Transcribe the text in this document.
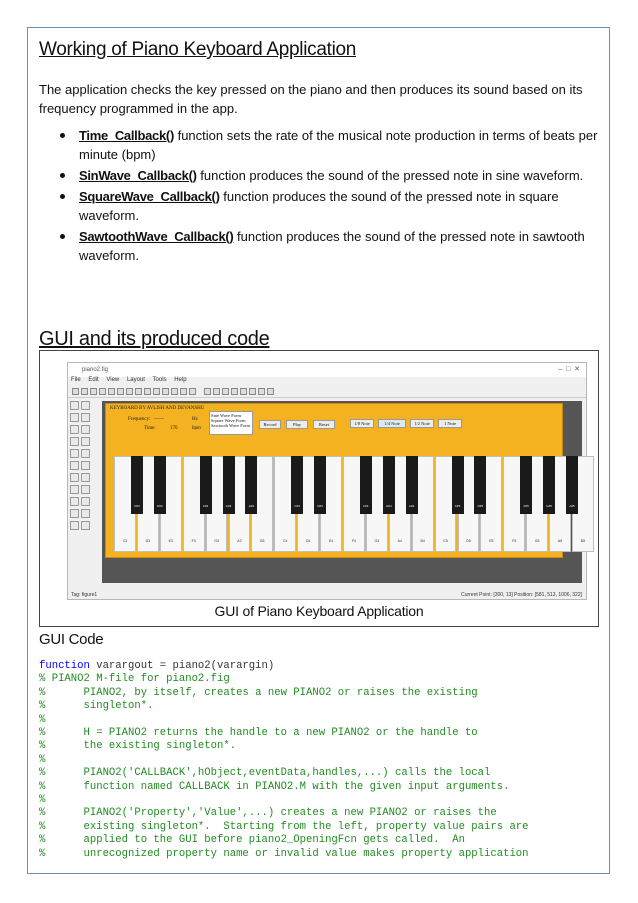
Working of Piano Keyboard Application
The application checks the key pressed on the piano and then produces its sound based on its frequency programmed in the app.
Time_Callback() function sets the rate of the musical note production in terms of beats per minute (bpm)
SinWave_Callback() function produces the sound of the pressed note in sine waveform.
SquareWave_Callback() function produces the sound of the pressed note in square waveform.
SawtoothWave_Callback() function produces the sound of the pressed note in sawtooth waveform.
GUI and its produced code
piano2.fig	–  □  ✕
File Edit View Layout Tools Help
KEYBOARD BY AVLISH AND DEVANSHU
Frequency: ——	Hz
Time:	170	bpm
Sine Wave Form
Square Wave Form
Sawtooth Wave Form	Record	Play	Reset	1/8 Note	1/4 Note	1/2 Note	1 Note
C3	D3	E3	F3	G3	A3	B3	C4	D4	E4	F4	G4	A4	B4	C5	D5	E5	F5	G5	A5	B5
C#3	D#3	F#3	G#3	A#3	C#4	D#4	F#4	G#4	A#4	C#5	D#5	F#5	G#5	A#5
Tag: figure1	Current Point: [300, 13] Position: [581, 513, 1006, 322]
GUI of Piano Keyboard Application
GUI Code
function varargout = piano2(varargin)
% PIANO2 M-file for piano2.fig
%      PIANO2, by itself, creates a new PIANO2 or raises the existing
%      singleton*.
%
%      H = PIANO2 returns the handle to a new PIANO2 or the handle to
%      the existing singleton*.
%
%      PIANO2('CALLBACK',hObject,eventData,handles,...) calls the local
%      function named CALLBACK in PIANO2.M with the given input arguments.
%
%      PIANO2('Property','Value',...) creates a new PIANO2 or raises the
%      existing singleton*.  Starting from the left, property value pairs are
%      applied to the GUI before piano2_OpeningFcn gets called.  An
%      unrecognized property name or invalid value makes property application
